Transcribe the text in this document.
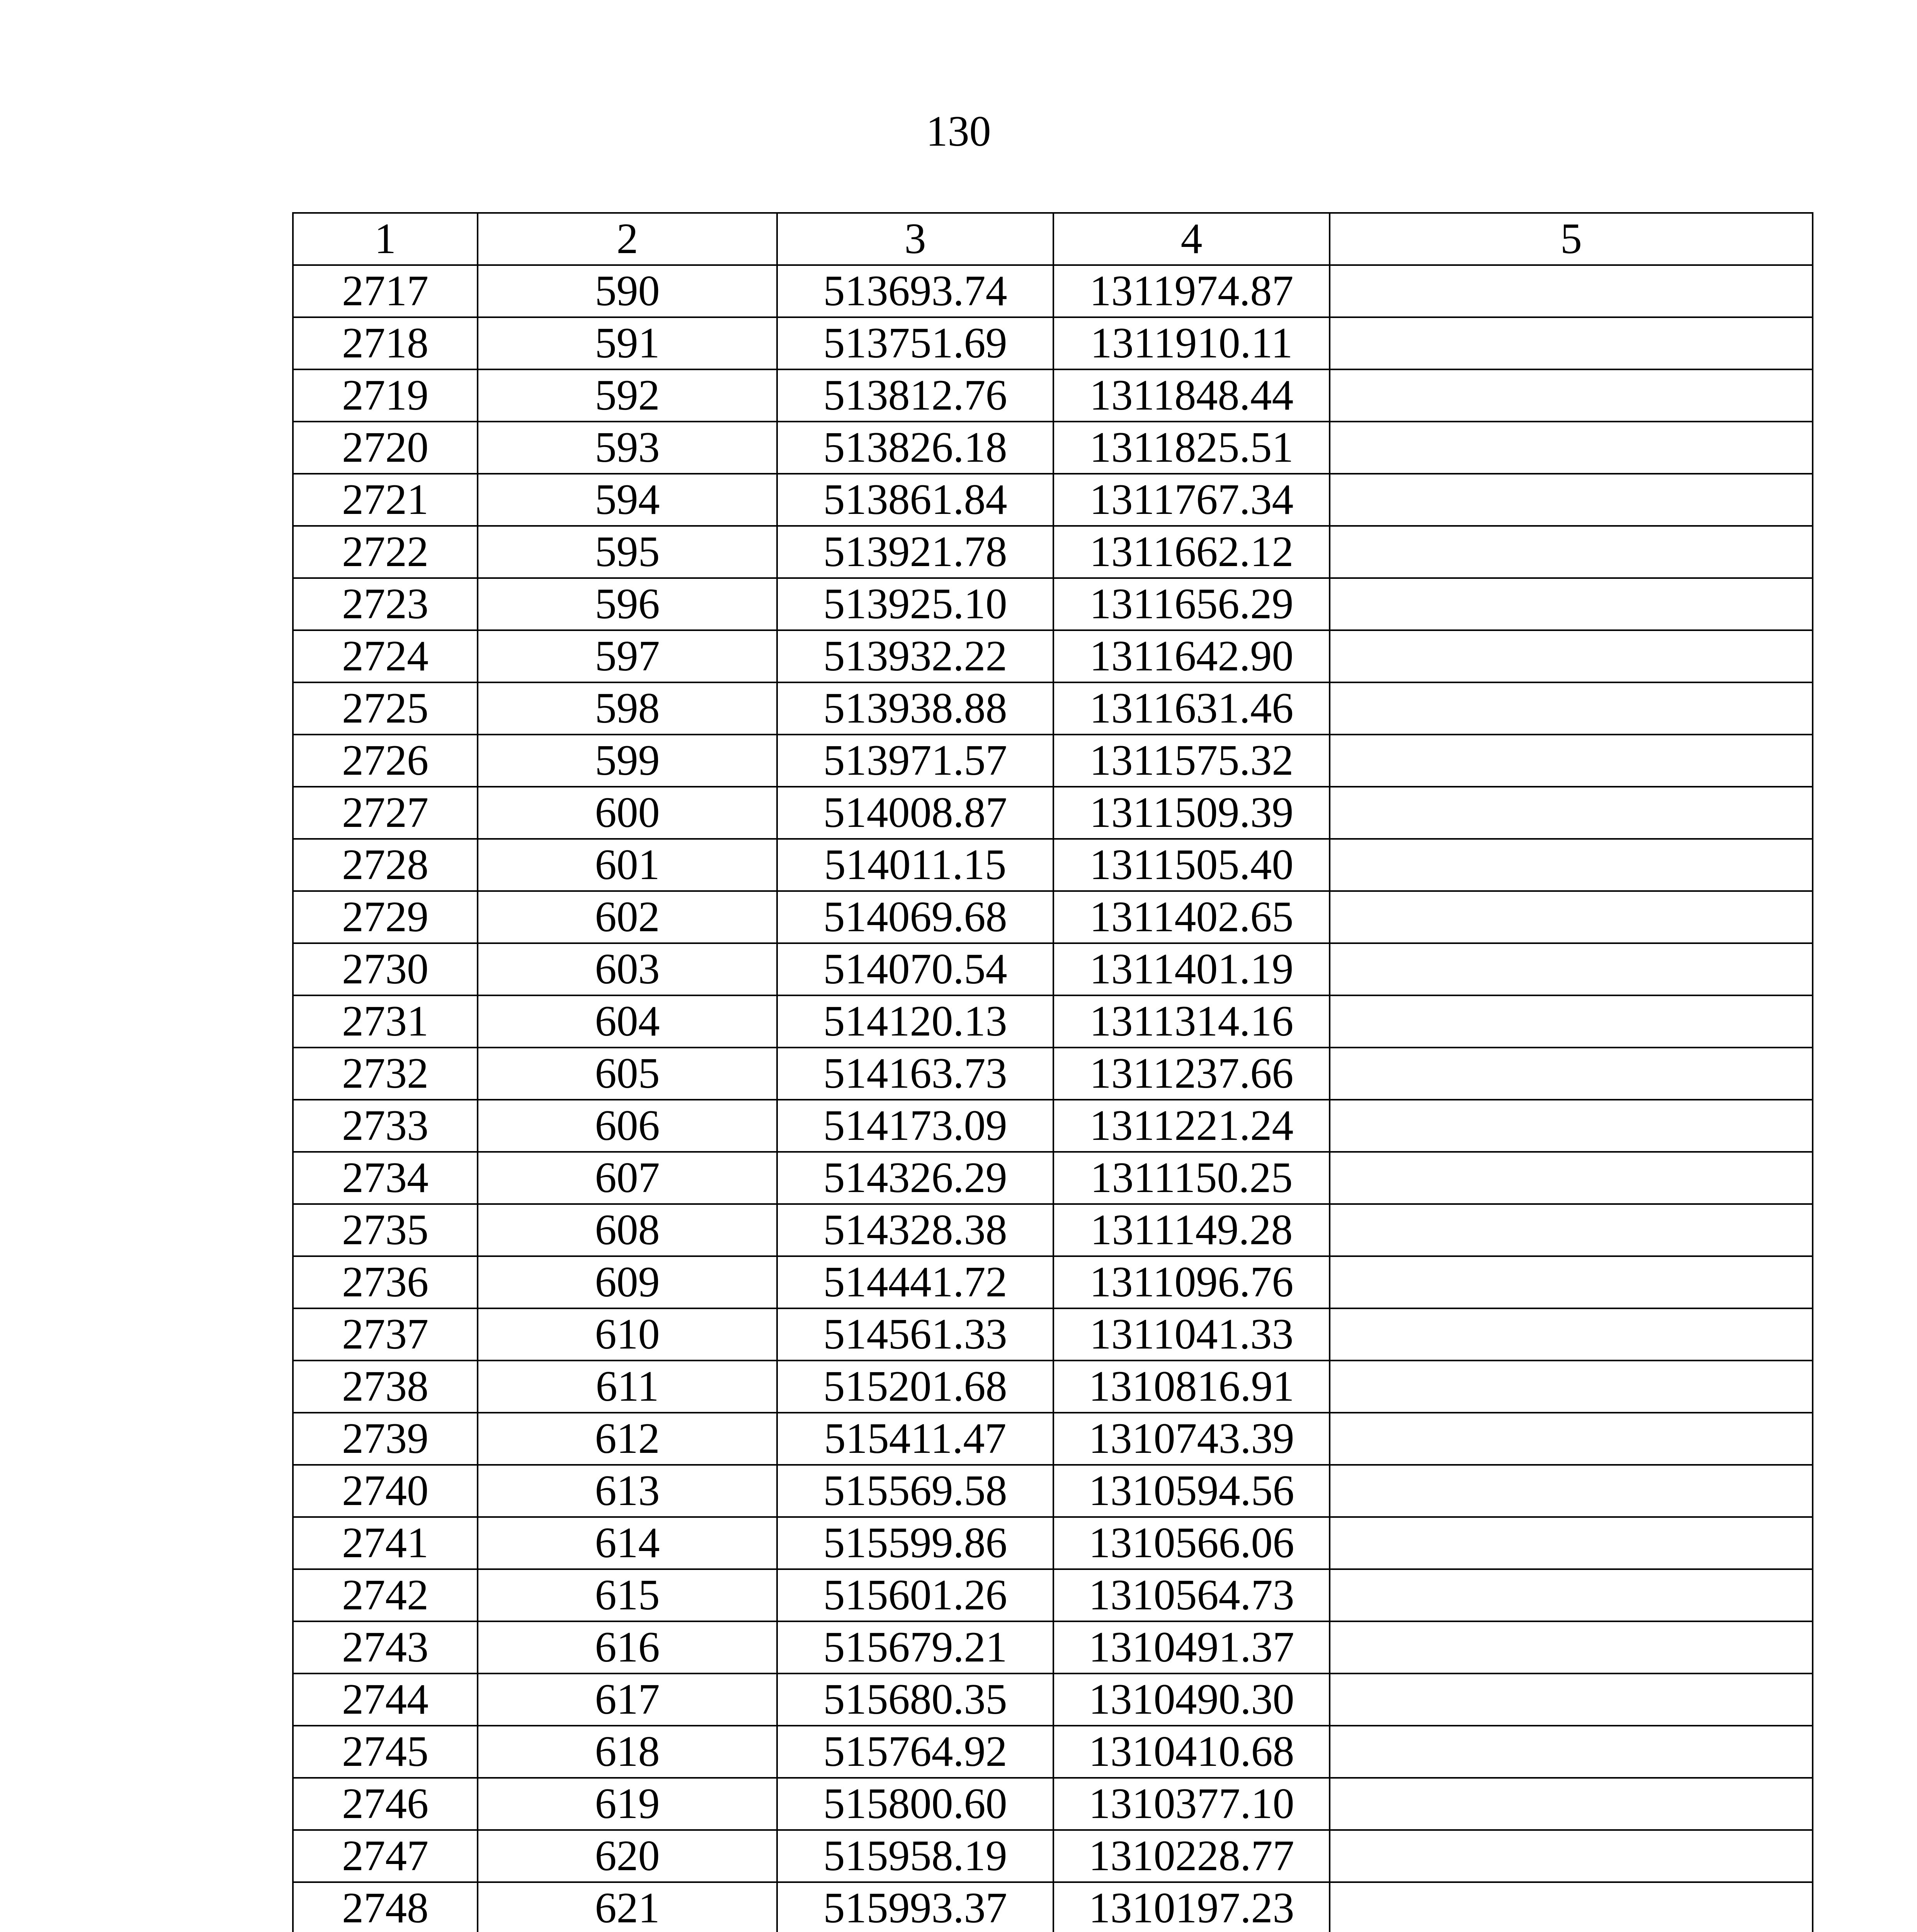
130
1	2	3	4	5
2717	590	513693.74	1311974.87	
2718	591	513751.69	1311910.11	
2719	592	513812.76	1311848.44	
2720	593	513826.18	1311825.51	
2721	594	513861.84	1311767.34	
2722	595	513921.78	1311662.12	
2723	596	513925.10	1311656.29	
2724	597	513932.22	1311642.90	
2725	598	513938.88	1311631.46	
2726	599	513971.57	1311575.32	
2727	600	514008.87	1311509.39	
2728	601	514011.15	1311505.40	
2729	602	514069.68	1311402.65	
2730	603	514070.54	1311401.19	
2731	604	514120.13	1311314.16	
2732	605	514163.73	1311237.66	
2733	606	514173.09	1311221.24	
2734	607	514326.29	1311150.25	
2735	608	514328.38	1311149.28	
2736	609	514441.72	1311096.76	
2737	610	514561.33	1311041.33	
2738	611	515201.68	1310816.91	
2739	612	515411.47	1310743.39	
2740	613	515569.58	1310594.56	
2741	614	515599.86	1310566.06	
2742	615	515601.26	1310564.73	
2743	616	515679.21	1310491.37	
2744	617	515680.35	1310490.30	
2745	618	515764.92	1310410.68	
2746	619	515800.60	1310377.10	
2747	620	515958.19	1310228.77	
2748	621	515993.37	1310197.23	
